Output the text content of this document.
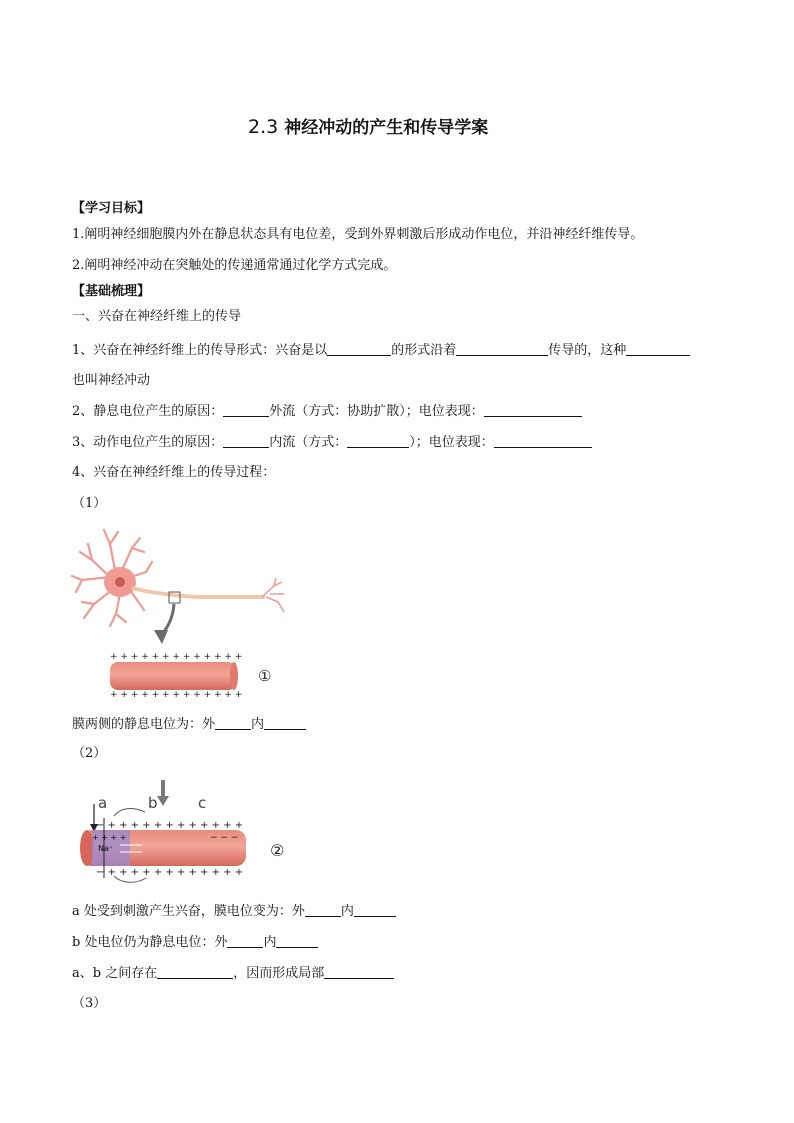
2.3 神经冲动的产生和传导学案
【学习目标】
1.阐明神经细胞膜内外在静息状态具有电位差，受到外界刺激后形成动作电位，并沿神经纤维传导。
2.阐明神经冲动在突触处的传递通常通过化学方式完成。
【基础梳理】
一、兴奋在神经纤维上的传导
1、兴奋在神经纤维上的传导形式：兴奋是以	的形式沿着	传导的，这种
也叫神经冲动
2、静息电位产生的原因：	外流（方式：协助扩散）；电位表现：
3、动作电位产生的原因：	内流（方式：	）；电位表现：
4、兴奋在神经纤维上的传导过程：
（1）
+ + + + + + + + + + + + +
+ + + + + + + + + + + + +
①
膜两侧的静息电位为：外	内
（2）
a	b	c
Na⁺
+ + + +
− + + + + + + + + + + + +
− − −
− + + + + + + + + + + + +
②
a 处受到刺激产生兴奋，膜电位变为：外	内
b 处电位仍为静息电位：外	内
a、b 之间存在	，因而形成局部
（3）
